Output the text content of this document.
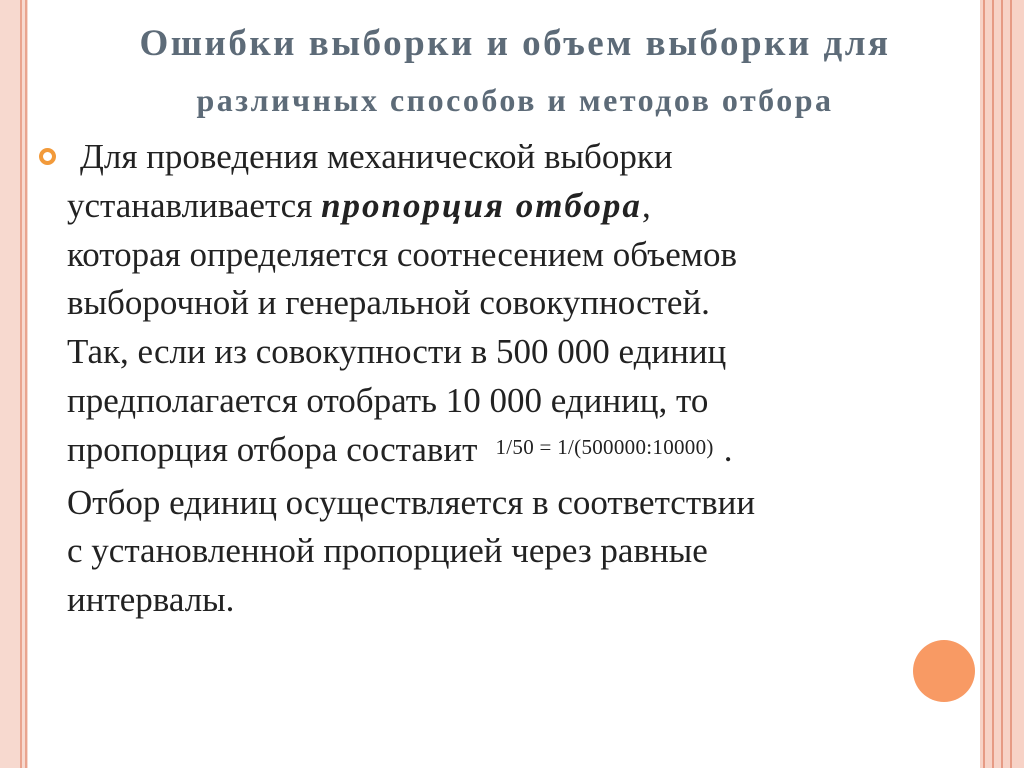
Ошибки выборки и объем выборки для
различных способов и методов отбора
Для проведения механической выборки
устанавливается пропорция отбора,
которая определяется соотнесением объемов
выборочной и генеральной совокупностей.
Так, если из совокупности в 500 000 единиц
предполагается отобрать 10 000 единиц, то
пропорция отбора составит $^{1/50 = 1/(500000:10000)}$ .
Отбор единиц осуществляется в соответствии
с установленной пропорцией через равные
интервалы.
